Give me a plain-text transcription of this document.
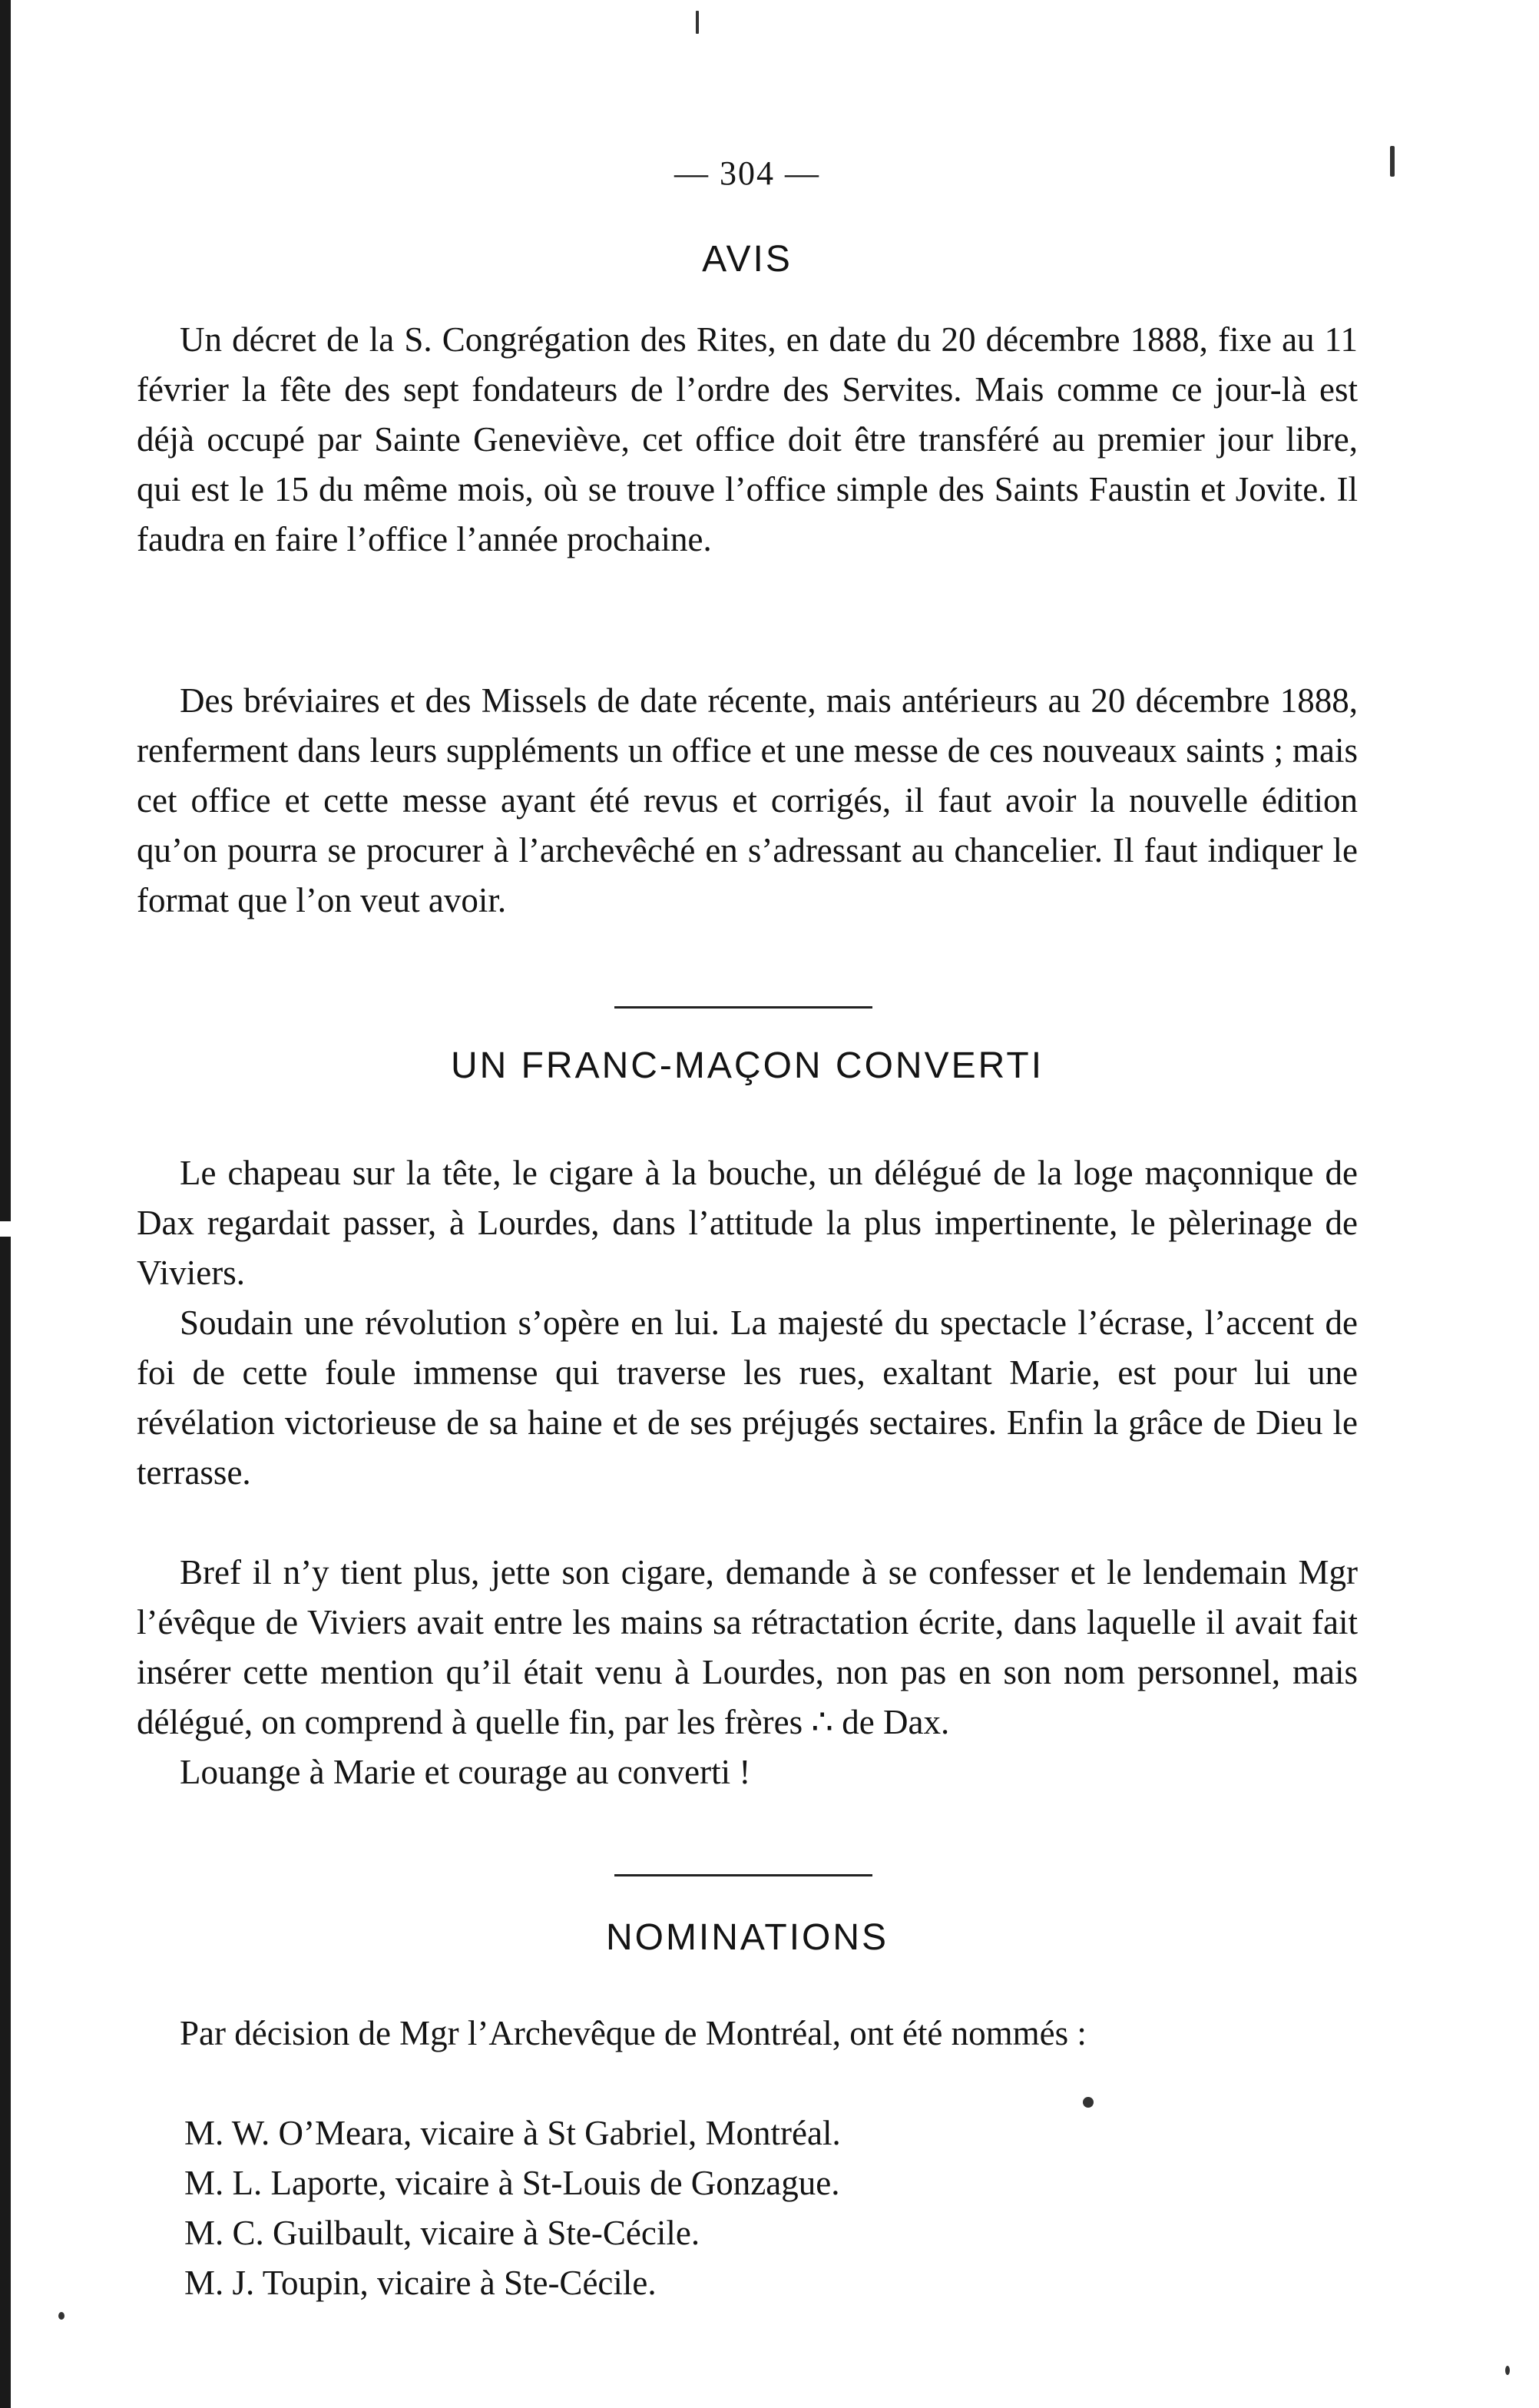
— 304 —
AVIS

Un décret de la S. Congrégation des Rites, en date du 20 décembre 1888, fixe au 11 février la fête des sept fondateurs de l’ordre des Servites. Mais comme ce jour-là est déjà occupé par Sainte Geneviève, cet office doit être transféré au premier jour libre, qui est le 15 du même mois, où se trouve l’office simple des Saints Faustin et Jovite. Il faudra en faire l’office l’année prochaine.

Des bréviaires et des Missels de date récente, mais antérieurs au 20 décembre 1888, renferment dans leurs suppléments un office et une messe de ces nouveaux saints ; mais cet office et cette messe ayant été revus et corrigés, il faut avoir la nouvelle édition qu’on pourra se procurer à l’archevêché en s’adressant au chancelier. Il faut indiquer le format que l’on veut avoir.

UN FRANC-MAÇON CONVERTI

Le chapeau sur la tête, le cigare à la bouche, un délégué de la loge maçonnique de Dax regardait passer, à Lourdes, dans l’attitude la plus impertinente, le pèlerinage de Viviers.

Soudain une révolution s’opère en lui. La majesté du spectacle l’écrase, l’accent de foi de cette foule immense qui traverse les rues, exaltant Marie, est pour lui une révélation victorieuse de sa haine et de ses préjugés sectaires. Enfin la grâce de Dieu le terrasse.

Bref il n’y tient plus, jette son cigare, demande à se confesser et le lendemain Mgr l’évêque de Viviers avait entre les mains sa rétractation écrite, dans laquelle il avait fait insérer cette mention qu’il était venu à Lourdes, non pas en son nom personnel, mais délégué, on comprend à quelle fin, par les frères ∴ de Dax.

Louange à Marie et courage au converti !

NOMINATIONS

Par décision de Mgr l’Archevêque de Montréal, ont été nommés :

M. W. O’Meara, vicaire à St Gabriel, Montréal.
M. L. Laporte, vicaire à St-Louis de Gonzague.
M. C. Guilbault, vicaire à Ste-Cécile.
M. J. Toupin, vicaire à Ste-Cécile.
